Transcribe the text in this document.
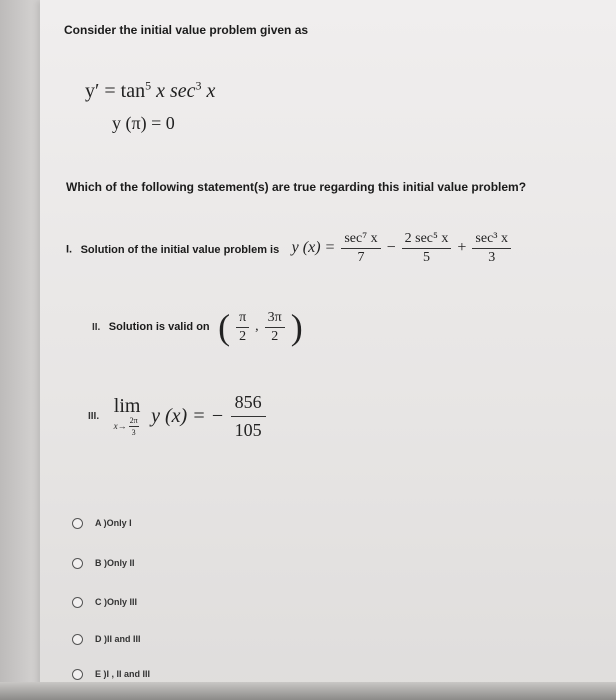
Consider the initial value problem given as
$y' = \tan^5 x$ $\sec^3 x$
y (π) = 0
Which of the following statement(s) are true regarding this initial value problem?
I. Solution of the initial value problem is y $(x) = \frac{\text{sec⁷ x}}{7} - \frac{\text{2 sec⁵ x}}{5} + \frac{\text{sec³ x}}{3}$
II. Solution is valid on ( $\frac{\pi}{2}$ , $\frac{3\pi}{2}$ )
III. lim
$x\to \frac{2\pi}{3}$ y (x) = − $\frac{856}{105}$
A )Only I
B )Only II
C )Only III
D )II and III
E )I , II and III
